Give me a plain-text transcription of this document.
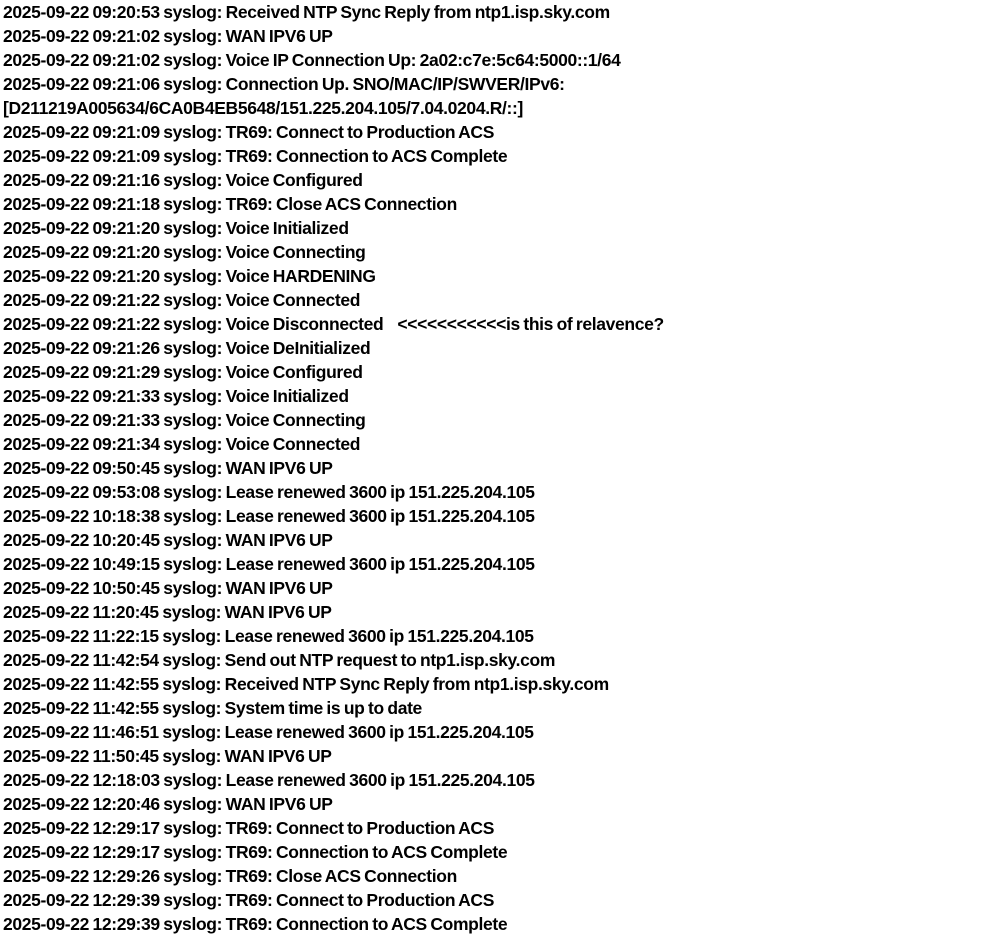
2025-09-22 09:20:53 syslog: Received NTP Sync Reply from ntp1.isp.sky.com
2025-09-22 09:21:02 syslog: WAN IPV6 UP
2025-09-22 09:21:02 syslog: Voice IP Connection Up: 2a02:c7e:5c64:5000::1/64
2025-09-22 09:21:06 syslog: Connection Up. SNO/MAC/IP/SWVER/IPv6:
[D211219A005634/6CA0B4EB5648/151.225.204.105/7.04.0204.R/::]
2025-09-22 09:21:09 syslog: TR69: Connect to Production ACS
2025-09-22 09:21:09 syslog: TR69: Connection to ACS Complete
2025-09-22 09:21:16 syslog: Voice Configured
2025-09-22 09:21:18 syslog: TR69: Close ACS Connection
2025-09-22 09:21:20 syslog: Voice Initialized
2025-09-22 09:21:20 syslog: Voice Connecting
2025-09-22 09:21:20 syslog: Voice HARDENING
2025-09-22 09:21:22 syslog: Voice Connected
2025-09-22 09:21:22 syslog: Voice Disconnected    <<<<<<<<<<<is this of relavence?
2025-09-22 09:21:26 syslog: Voice DeInitialized
2025-09-22 09:21:29 syslog: Voice Configured
2025-09-22 09:21:33 syslog: Voice Initialized
2025-09-22 09:21:33 syslog: Voice Connecting
2025-09-22 09:21:34 syslog: Voice Connected
2025-09-22 09:50:45 syslog: WAN IPV6 UP
2025-09-22 09:53:08 syslog: Lease renewed 3600 ip 151.225.204.105
2025-09-22 10:18:38 syslog: Lease renewed 3600 ip 151.225.204.105
2025-09-22 10:20:45 syslog: WAN IPV6 UP
2025-09-22 10:49:15 syslog: Lease renewed 3600 ip 151.225.204.105
2025-09-22 10:50:45 syslog: WAN IPV6 UP
2025-09-22 11:20:45 syslog: WAN IPV6 UP
2025-09-22 11:22:15 syslog: Lease renewed 3600 ip 151.225.204.105
2025-09-22 11:42:54 syslog: Send out NTP request to ntp1.isp.sky.com
2025-09-22 11:42:55 syslog: Received NTP Sync Reply from ntp1.isp.sky.com
2025-09-22 11:42:55 syslog: System time is up to date
2025-09-22 11:46:51 syslog: Lease renewed 3600 ip 151.225.204.105
2025-09-22 11:50:45 syslog: WAN IPV6 UP
2025-09-22 12:18:03 syslog: Lease renewed 3600 ip 151.225.204.105
2025-09-22 12:20:46 syslog: WAN IPV6 UP
2025-09-22 12:29:17 syslog: TR69: Connect to Production ACS
2025-09-22 12:29:17 syslog: TR69: Connection to ACS Complete
2025-09-22 12:29:26 syslog: TR69: Close ACS Connection
2025-09-22 12:29:39 syslog: TR69: Connect to Production ACS
2025-09-22 12:29:39 syslog: TR69: Connection to ACS Complete
